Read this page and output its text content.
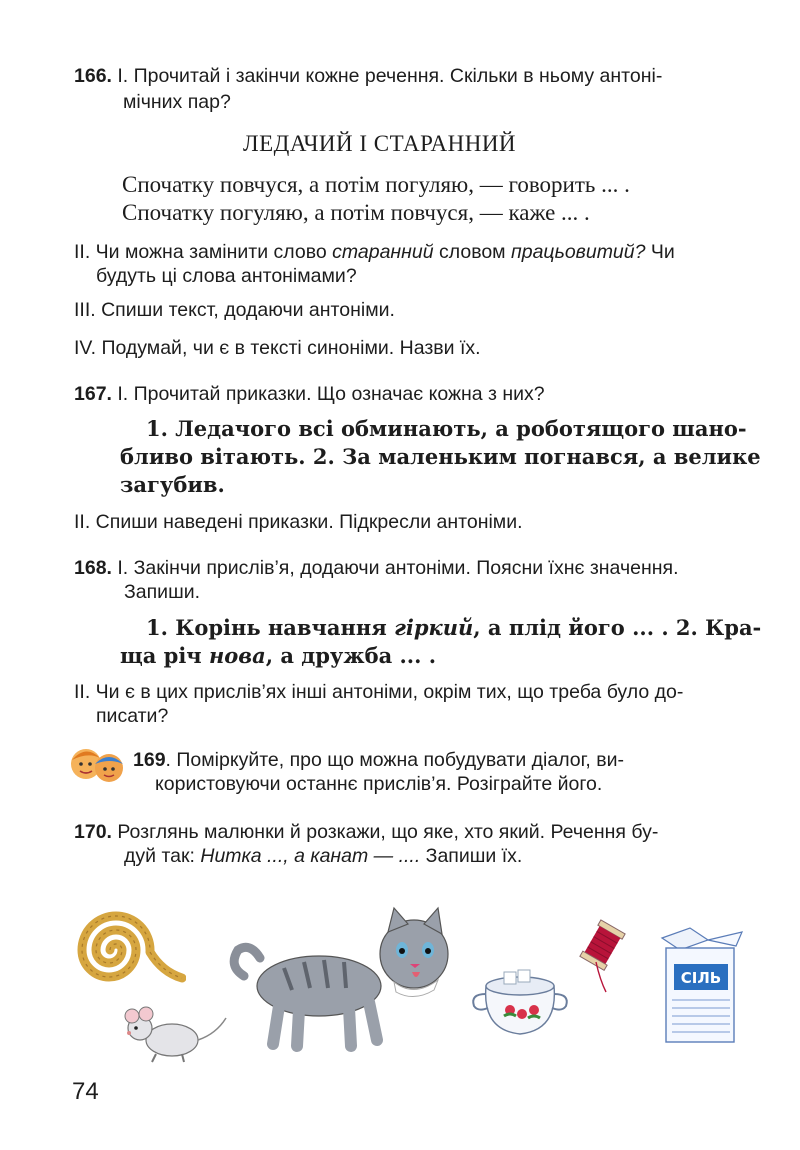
166. І. Прочитай і закінчи кожне речення. Скільки в ньому антоні-
мічних пар?
ЛЕДАЧИЙ І СТАРАННИЙ
Спочатку повчуся, а потім погуляю, — говорить ... .
Спочатку погуляю, а потім повчуся, — каже ... .
II. Чи можна замінити слово старанний словом працьовитий? Чи
будуть ці слова антонімами?
III. Спиши текст, додаючи антоніми.
IV. Подумай, чи є в тексті синоніми. Назви їх.
167. І. Прочитай приказки. Що означає кожна з них?
1. Ледачого всі обминають, а роботящого шано-
бливо вітають. 2. За маленьким погнався, а велике
загубив.
II. Спиши наведені приказки. Підкресли антоніми.
168. І. Закінчи прислів’я, додаючи антоніми. Поясни їхнє значення.
Запиши.
1. Корінь навчання гіркий, а плід його ... . 2. Кра-
ща річ нова, а дружба ... .
II. Чи є в цих прислів’ях інші антоніми, окрім тих, що треба було до-
писати?
169. Поміркуйте, про що можна побудувати діалог, ви-
користовуючи останнє прислів’я. Розіграйте його.
170. Розглянь малюнки й розкажи, що яке, хто який. Речення бу-
дуй так: Нитка ..., а канат — .... Запиши їх.
СІЛЬ
74
